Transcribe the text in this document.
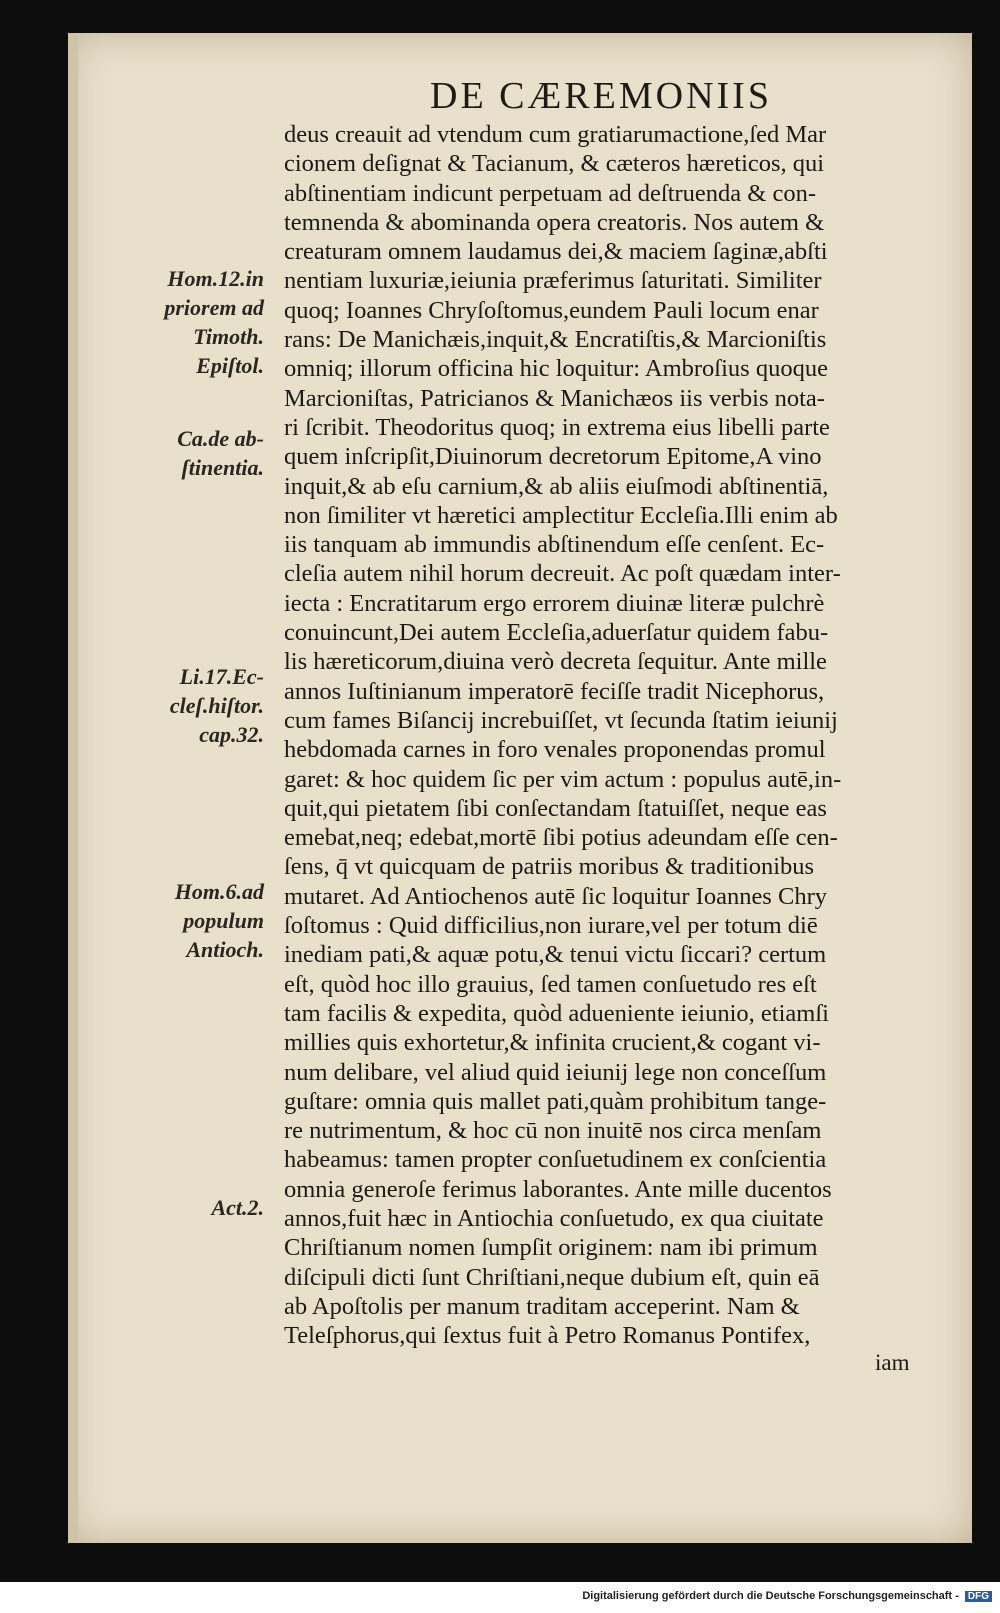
DE CÆREMONIIS
deus creauit ad vtendum cum gratiarumactione,ſed Mar
cionem deſignat & Tacianum, & cæteros hæreticos, qui
abſtinentiam indicunt perpetuam ad deſtruenda & con-
temnenda & abominanda opera creatoris. Nos autem &
creaturam omnem laudamus dei,& maciem ſaginæ,abſti
nentiam luxuriæ,ieiunia præferimus ſaturitati. Similiter
quoq; Ioannes Chryſoſtomus,eundem Pauli locum enar
rans: De Manichæis,inquit,& Encratiſtis,& Marcioniſtis
omniq; illorum officina hic loquitur: Ambroſius quoque
Marcioniſtas, Patricianos & Manichæos iis verbis nota-
ri ſcribit. Theodoritus quoq; in extrema eius libelli parte
quem inſcripſit,Diuinorum decretorum Epitome,A vino
inquit,& ab eſu carnium,& ab aliis eiuſmodi abſtinentiā,
non ſimiliter vt hæretici amplectitur Eccleſia.Illi enim ab
iis tanquam ab immundis abſtinendum eſſe cenſent. Ec-
cleſia autem nihil horum decreuit. Ac poſt quædam inter-
iecta : Encratitarum ergo errorem diuinæ literæ pulchrè
conuincunt,Dei autem Eccleſia,aduerſatur quidem fabu-
lis hæreticorum,diuina verò decreta ſequitur. Ante mille
annos Iuſtinianum imperatorē feciſſe tradit Nicephorus,
cum fames Biſancij increbuiſſet, vt ſecunda ſtatim ieiunij
hebdomada carnes in foro venales proponendas promul
garet: & hoc quidem ſic per vim actum : populus autē,in-
quit,qui pietatem ſibi conſectandam ſtatuiſſet, neque eas
emebat,neq; edebat,mortē ſibi potius adeundam eſſe cen-
ſens, q̄ vt quicquam de patriis moribus & traditionibus
mutaret. Ad Antiochenos autē ſic loquitur Ioannes Chry
ſoſtomus : Quid difficilius,non iurare,vel per totum diē
inediam pati,& aquæ potu,& tenui victu ſiccari? certum
eſt, quòd hoc illo grauius, ſed tamen conſuetudo res eſt
tam facilis & expedita, quòd adueniente ieiunio, etiamſi
millies quis exhortetur,& infinita crucient,& cogant vi-
num delibare, vel aliud quid ieiunij lege non conceſſum
guſtare: omnia quis mallet pati,quàm prohibitum tange-
re nutrimentum, & hoc cū non inuitē nos circa menſam
habeamus: tamen propter conſuetudinem ex conſcientia
omnia generoſe ferimus laborantes. Ante mille ducentos
annos,fuit hæc in Antiochia conſuetudo, ex qua ciuitate
Chriſtianum nomen ſumpſit originem: nam ibi primum
diſcipuli dicti ſunt Chriſtiani,neque dubium eſt, quin eā
ab Apoſtolis per manum traditam acceperint. Nam &
Teleſphorus,qui ſextus fuit à Petro Romanus Pontifex,
Hom.12.in
priorem ad
Timoth.
Epiſtol.
Ca.de ab-
ſtinentia.
Li.17.Ec-
cleſ.hiſtor.
cap.32.
Hom.6.ad
populum
Antioch.
Act.2.
iam
Digitalisierung gefördert durch die Deutsche Forschungsgemeinschaft - DFG
